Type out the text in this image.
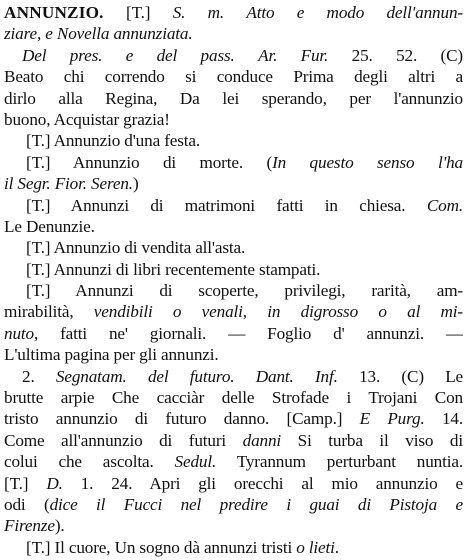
ANNUNZIO. [T.] S. m. Atto e modo dell'annun-
ziare, e Novella annunziata.
Del pres. e del pass. Ar. Fur. 25. 52. (C)
Beato chi correndo si conduce Prima degli altri a
dirlo alla Regina, Da lei sperando, per l'annunzio
buono, Acquistar grazia!
[T.] Annunzio d'una festa.
[T.] Annunzio di morte. (In questo senso l'ha
il Segr. Fior. Seren.)
[T.] Annunzi di matrimoni fatti in chiesa. Com.
Le Denunzie.
[T.] Annunzio di vendita all'asta.
[T.] Annunzi di libri recentemente stampati.
[T.] Annunzi di scoperte, privilegi, rarità, am-
mirabilità, vendibili o venali, in digrosso o al mi-
nuto, fatti ne' giornali. — Foglio d' annunzi. —
L'ultima pagina per gli annunzi.
2. Segnatam. del futuro. Dant. Inf. 13. (C) Le
brutte arpie Che cacciàr delle Strofade i Trojani Con
tristo annunzio di futuro danno. [Camp.] E Purg. 14.
Come all'annunzio di futuri danni Si turba il viso di
colui che ascolta. Sedul. Tyrannum perturbant nuntia.
[T.] D. 1. 24. Apri gli orecchi al mio annunzio e
odi (dice il Fucci nel predire i guai di Pistoja e
Firenze).
[T.] Il cuore, Un sogno dà annunzi tristi o lieti.
